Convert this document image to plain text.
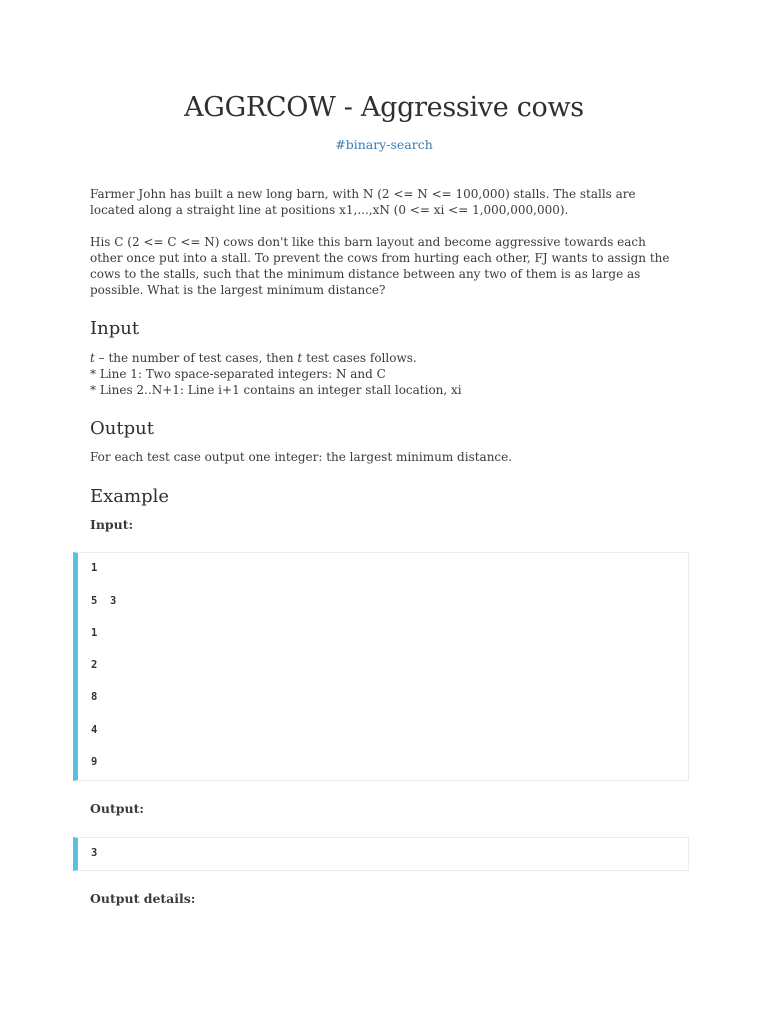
AGGRCOW - Aggressive cows
#binary-search

Farmer John has built a new long barn, with N (2 <= N <= 100,000) stalls. The stalls are located along a straight line at positions x1,...,xN (0 <= xi <= 1,000,000,000).

His C (2 <= C <= N) cows don't like this barn layout and become aggressive towards each other once put into a stall. To prevent the cows from hurting each other, FJ wants to assign the cows to the stalls, such that the minimum distance between any two of them is as large as possible. What is the largest minimum distance?

Input
t – the number of test cases, then t test cases follows.
* Line 1: Two space-separated integers: N and C
* Lines 2..N+1: Line i+1 contains an integer stall location, xi
Output
For each test case output one integer: the largest minimum distance.
Example
Input:
1
5  3
1
2
8
4
9
Output:
3
Output details:
